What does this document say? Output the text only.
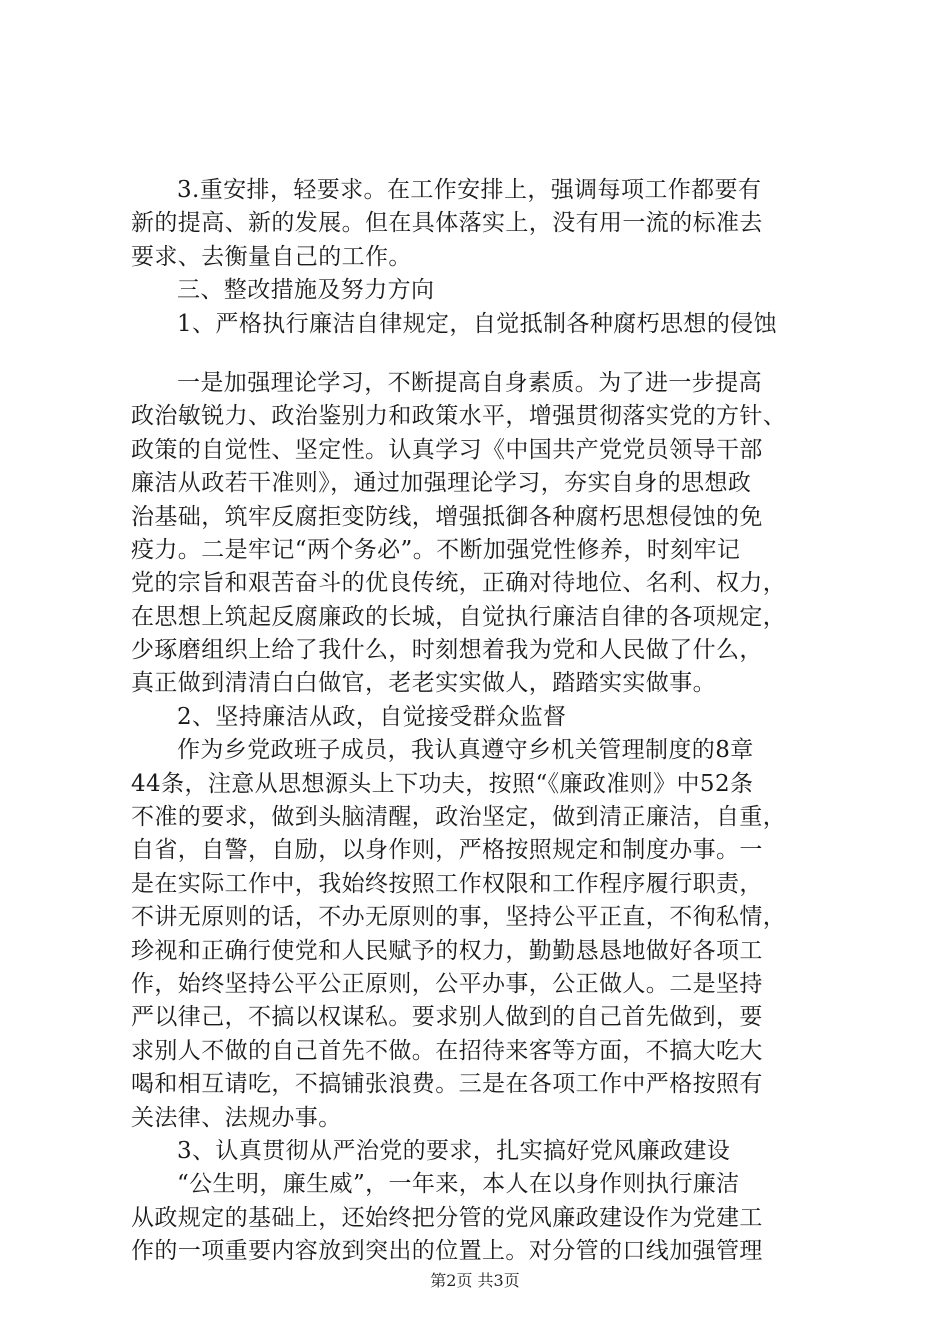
3.重安排，轻要求。在工作安排上，强调每项工作都要有
新的提高、新的发展。但在具体落实上，没有用一流的标准去
要求、去衡量自己的工作。
三、整改措施及努力方向
1、严格执行廉洁自律规定，自觉抵制各种腐朽思想的侵蚀
一是加强理论学习，不断提高自身素质。为了进一步提高
政治敏锐力、政治鉴别力和政策水平，增强贯彻落实党的方针、
政策的自觉性、坚定性。认真学习《中国共产党党员领导干部
廉洁从政若干准则》，通过加强理论学习，夯实自身的思想政
治基础，筑牢反腐拒变防线，增强抵御各种腐朽思想侵蚀的免
疫力。二是牢记“两个务必”。不断加强党性修养，时刻牢记
党的宗旨和艰苦奋斗的优良传统，正确对待地位、名利、权力，
在思想上筑起反腐廉政的长城，自觉执行廉洁自律的各项规定，
少琢磨组织上给了我什么，时刻想着我为党和人民做了什么，
真正做到清清白白做官，老老实实做人，踏踏实实做事。
2、坚持廉洁从政，自觉接受群众监督
作为乡党政班子成员，我认真遵守乡机关管理制度的8章
44条，注意从思想源头上下功夫，按照“《廉政准则》中52条
不准的要求，做到头脑清醒，政治坚定，做到清正廉洁，自重，
自省，自警，自励，以身作则，严格按照规定和制度办事。一
是在实际工作中，我始终按照工作权限和工作程序履行职责，
不讲无原则的话，不办无原则的事，坚持公平正直，不徇私情，
珍视和正确行使党和人民赋予的权力，勤勤恳恳地做好各项工
作，始终坚持公平公正原则，公平办事，公正做人。二是坚持
严以律己，不搞以权谋私。要求别人做到的自己首先做到，要
求别人不做的自己首先不做。在招待来客等方面，不搞大吃大
喝和相互请吃，不搞铺张浪费。三是在各项工作中严格按照有
关法律、法规办事。
3、认真贯彻从严治党的要求，扎实搞好党风廉政建设
“公生明，廉生威”，一年来，本人在以身作则执行廉洁
从政规定的基础上，还始终把分管的党风廉政建设作为党建工
作的一项重要内容放到突出的位置上。对分管的口线加强管理
第2页 共3页
